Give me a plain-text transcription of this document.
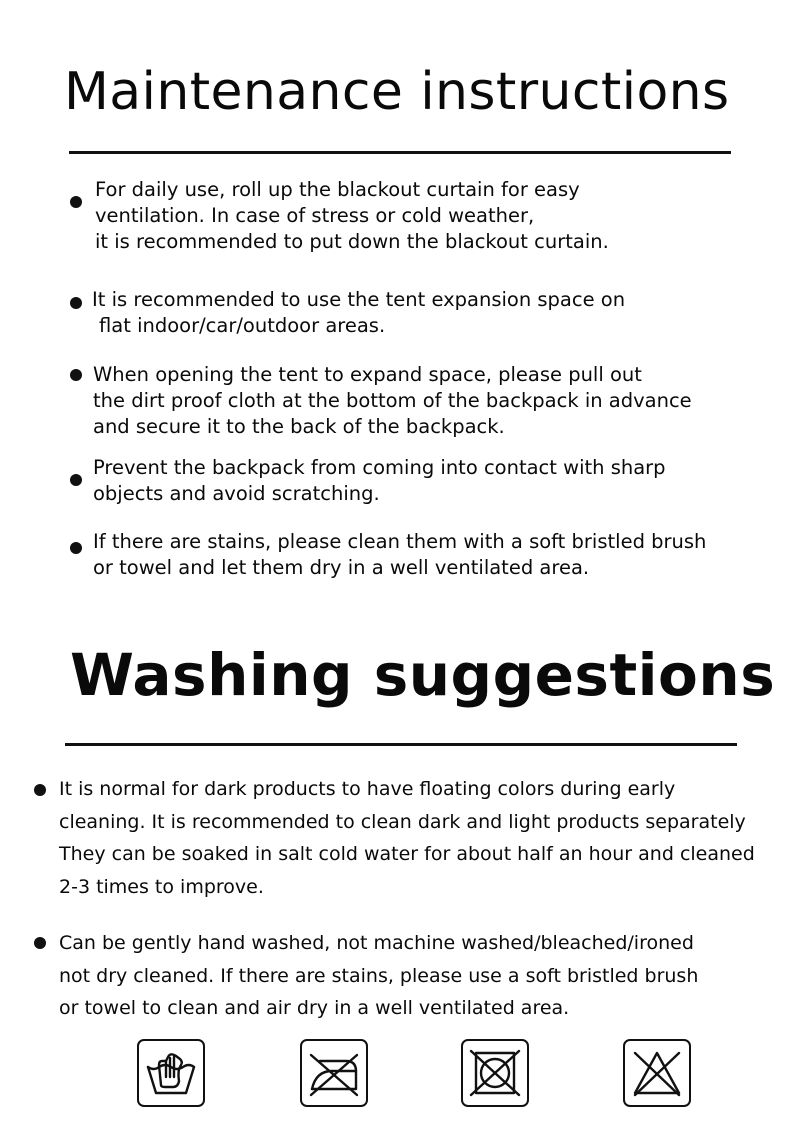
Maintenance instructions
For daily use, roll up the blackout curtain for easy
ventilation. In case of stress or cold weather,
it is recommended to put down the blackout curtain.
It is recommended to use the tent expansion space on
flat indoor/car/outdoor areas.
When opening the tent to expand space, please pull out
the dirt proof cloth at the bottom of the backpack in advance
and secure it to the back of the backpack.
Prevent the backpack from coming into contact with sharp
objects and avoid scratching.
If there are stains, please clean them with a soft bristled brush
or towel and let them dry in a well ventilated area.
Washing suggestions
It is normal for dark products to have floating colors during early
cleaning. It is recommended to clean dark and light products separately
They can be soaked in salt cold water for about half an hour and cleaned
2-3 times to improve.
Can be gently hand washed, not machine washed/bleached/ironed
not dry cleaned. If there are stains, please use a soft bristled brush
or towel to clean and air dry in a well ventilated area.
